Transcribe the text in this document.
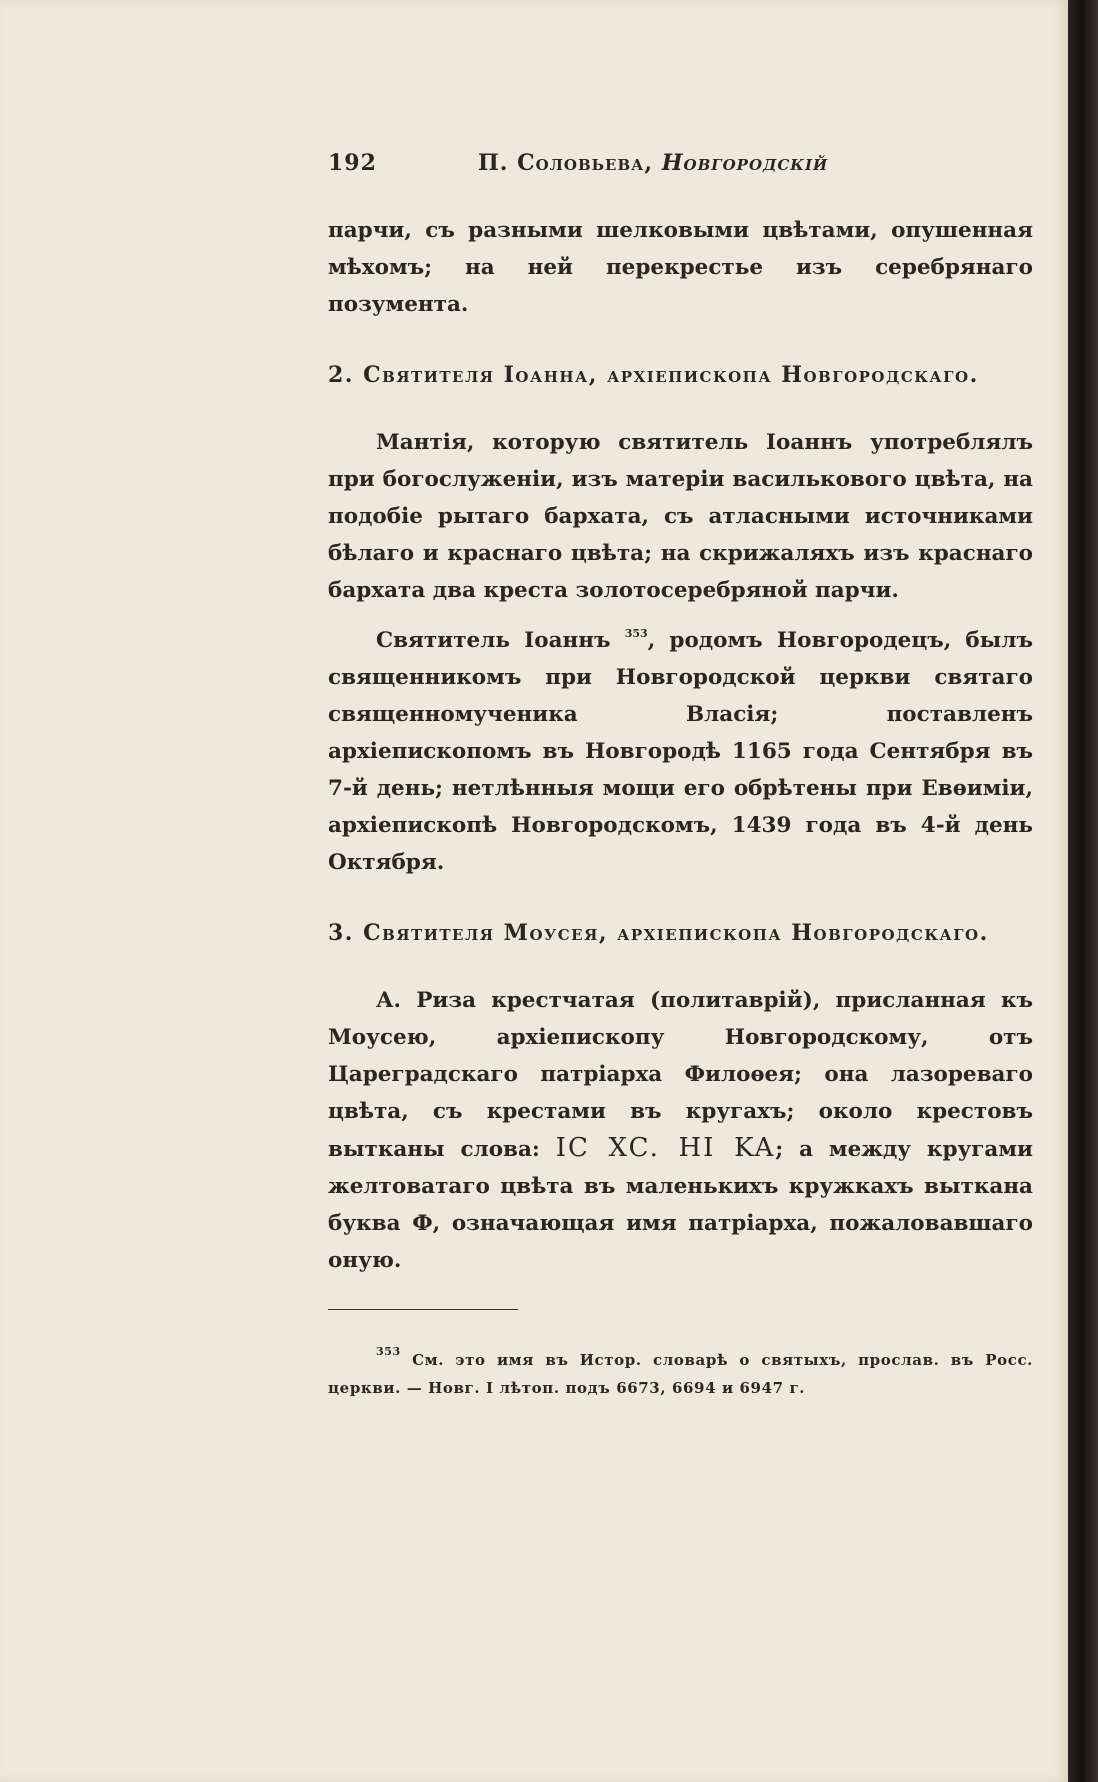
192	П. Соловьева, Новгородскій

парчи, съ разными шелковыми цвѣтами, опушенная мѣхомъ; на ней перекрестье изъ серебрянаго позумента.

2. Святителя Іоанна, архіепископа Новгородскаго.

Мантія, которую святитель Іоаннъ употреблялъ при богослуженіи, изъ матеріи василькового цвѣта, на подобіе рытаго бархата, съ атласными источниками бѣлаго и краснаго цвѣта; на скрижаляхъ изъ краснаго бархата два креста золотосеребряной парчи.

Святитель Іоаннъ $^{353}$, родомъ Новгородецъ, былъ священникомъ при Новгородской церкви святаго священномученика Власія; поставленъ архіепископомъ въ Новгородѣ 1165 года Сентября въ 7-й день; нетлѣнныя мощи его обрѣтены при Евѳиміи, архіепископѣ Новгородскомъ, 1439 года въ 4-й день Октября.

3. Святителя Моусея, архіепископа Новгородскаго.

А. Риза крестчатая (политаврій), присланная къ Моусею, архіепископу Новгородскому, отъ Цареградскаго патріарха Филоѳея; она лазореваго цвѣта, съ крестами въ кругахъ; около крестовъ вытканы слова: IC XC. HI KA; а между кругами желтоватаго цвѣта въ маленькихъ кружкахъ выткана буква Ф, означающая имя патріарха, пожаловавшаго оную.

$^{353}$ См. это имя въ Истор. словарѣ о святыхъ, прослав. въ Росс. церкви. — Новг. I лѣтоп. подъ 6673, 6694 и 6947 г.
